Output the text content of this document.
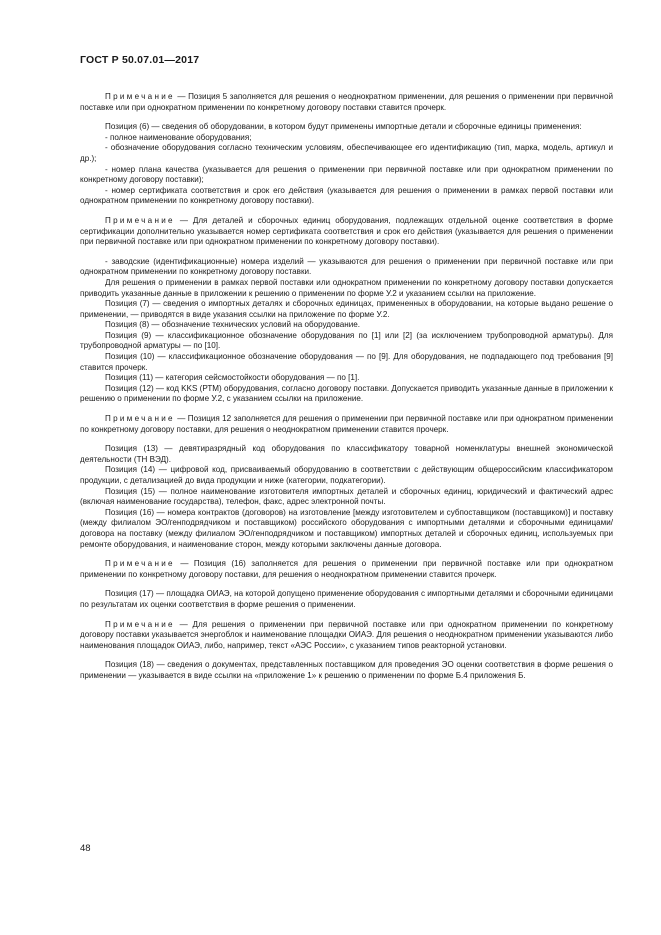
ГОСТ Р 50.07.01—2017

Примечание — Позиция 5 заполняется для решения о неоднократном применении, для решения о применении при первичной поставке или при однократном применении по конкретному договору поставки ставится прочерк.

Позиция (6) — сведения об оборудовании, в котором будут применены импортные детали и сборочные единицы применения:

- полное наименование оборудования;

- обозначение оборудования согласно техническим условиям, обеспечивающее его идентификацию (тип, марка, модель, артикул и др.);

- номер плана качества (указывается для решения о применении при первичной поставке или при однократном применении по конкретному договору поставки);

- номер сертификата соответствия и срок его действия (указывается для решения о применении в рамках первой поставки или однократном применении по конкретному договору поставки).

Примечание — Для деталей и сборочных единиц оборудования, подлежащих отдельной оценке соответствия в форме сертификации дополнительно указывается номер сертификата соответствия и срок его действия (указывается для решения о применении при первичной поставке или при однократном применении по конкретному договору поставки).

- заводские (идентификационные) номера изделий — указываются для решения о применении при первичной поставке или при однократном применении по конкретному договору поставки.

Для решения о применении в рамках первой поставки или однократном применении по конкретному договору поставки допускается приводить указанные данные в приложении к решению о применении по форме У.2 и указанием ссылки на приложение.

Позиция (7) — сведения о импортных деталях и сборочных единицах, примененных в оборудовании, на которые выдано решение о применении, — приводятся в виде указания ссылки на приложение по форме У.2.

Позиция (8) — обозначение технических условий на оборудование.

Позиция (9) — классификационное обозначение оборудования по [1] или [2] (за исключением трубопроводной арматуры). Для трубопроводной арматуры — по [10].

Позиция (10) — классификационное обозначение оборудования — по [9]. Для оборудования, не подпадающего под требования [9] ставится прочерк.

Позиция (11) — категория сейсмостойкости оборудования — по [1].

Позиция (12) — код KKS (РТМ) оборудования, согласно договору поставки. Допускается приводить указанные данные в приложении к решению о применении по форме У.2, с указанием ссылки на приложение.

Примечание — Позиция 12 заполняется для решения о применении при первичной поставке или при однократном применении по конкретному договору поставки, для решения о неоднократном применении ставится прочерк.

Позиция (13) — девятиразрядный код оборудования по классификатору товарной номенклатуры внешней экономической деятельности (ТН ВЭД).

Позиция (14) — цифровой код, присваиваемый оборудованию в соответствии с действующим общероссийским классификатором продукции, с детализацией до вида продукции и ниже (категории, подкатегории).

Позиция (15) — полное наименование изготовителя импортных деталей и сборочных единиц, юридический и фактический адрес (включая наименование государства), телефон, факс, адрес электронной почты.

Позиция (16) — номера контрактов (договоров) на изготовление [между изготовителем и субпоставщиком (поставщиком)] и поставку (между филиалом ЭО/генподрядчиком и поставщиком) российского оборудования с импортными деталями и сборочными единицами/договора на поставку (между филиалом ЭО/генподрядчиком и поставщиком) импортных деталей и сборочных единиц, используемых при ремонте оборудования, и наименование сторон, между которыми заключены данные договора.

Примечание — Позиция (16) заполняется для решения о применении при первичной поставке или при однократном применении по конкретному договору поставки, для решения о неоднократном применении ставится прочерк.

Позиция (17) — площадка ОИАЭ, на которой допущено применение оборудования с импортными деталями и сборочными единицами по результатам их оценки соответствия в форме решения о применении.

Примечание — Для решения о применении при первичной поставке или при однократном применении по конкретному договору поставки указывается энергоблок и наименование площадки ОИАЭ. Для решения о неоднократном применении указываются либо наименования площадок ОИАЭ, либо, например, текст «АЭС России», с указанием типов реакторной установки.

Позиция (18) — сведения о документах, представленных поставщиком для проведения ЭО оценки соответствия в форме решения о применении — указывается в виде ссылки на «приложение 1» к решению о применении по форме Б.4 приложения Б.

48
